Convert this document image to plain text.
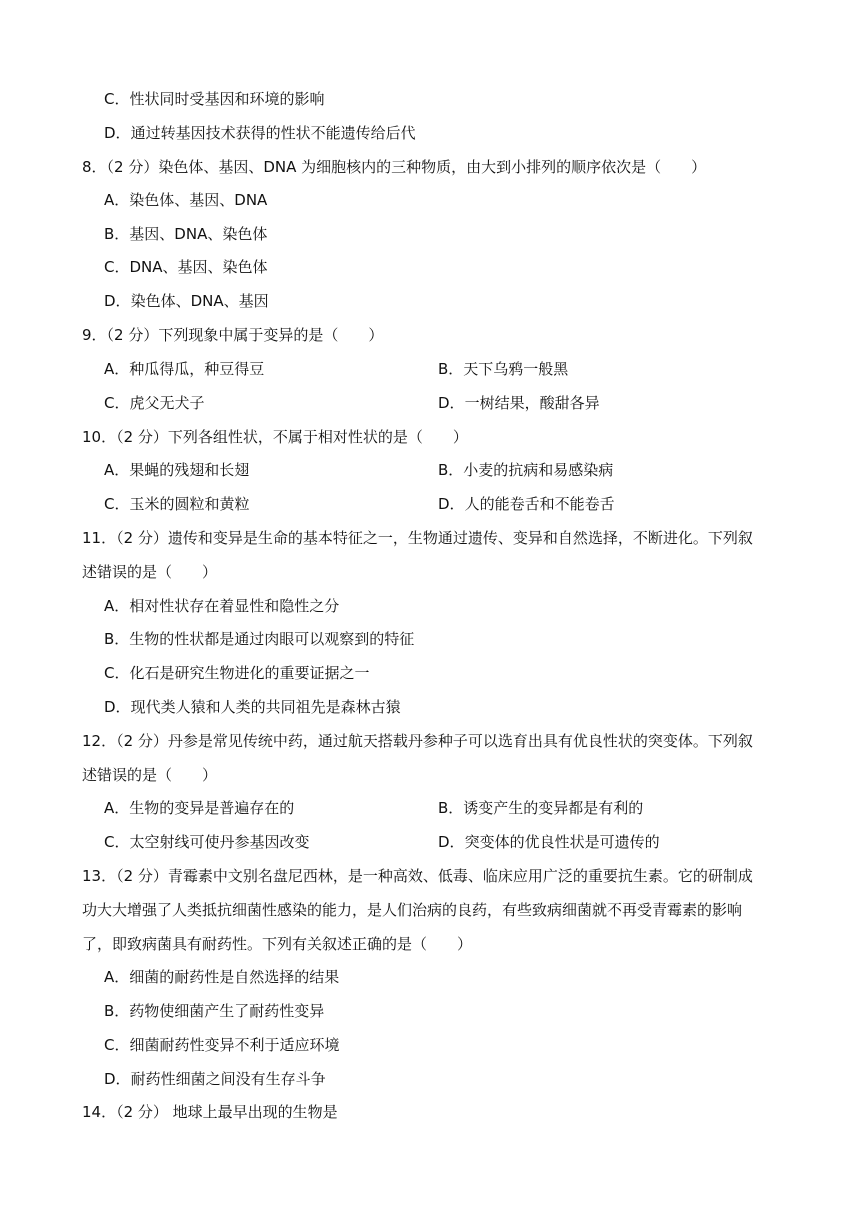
C．性状同时受基因和环境的影响
D．通过转基因技术获得的性状不能遗传给后代
8．（2 分）染色体、基因、DNA 为细胞核内的三种物质，由大到小排列的顺序依次是（　　）
A．染色体、基因、DNA
B．基因、DNA、染色体
C．DNA、基因、染色体
D．染色体、DNA、基因
9．（2 分）下列现象中属于变异的是（　　）
A．种瓜得瓜，种豆得豆	B．天下乌鸦一般黑
C．虎父无犬子	D．一树结果，酸甜各异
10．（2 分）下列各组性状，不属于相对性状的是（　　）
A．果蝇的残翅和长翅	B．小麦的抗病和易感染病
C．玉米的圆粒和黄粒	D．人的能卷舌和不能卷舌
11．（2 分）遗传和变异是生命的基本特征之一，生物通过遗传、变异和自然选择，不断进化。下列叙
述错误的是（　　）
A．相对性状存在着显性和隐性之分
B．生物的性状都是通过肉眼可以观察到的特征
C．化石是研究生物进化的重要证据之一
D．现代类人猿和人类的共同祖先是森林古猿
12．（2 分）丹参是常见传统中药，通过航天搭载丹参种子可以选育出具有优良性状的突变体。下列叙
述错误的是（　　）
A．生物的变异是普遍存在的	B．诱变产生的变异都是有利的
C．太空射线可使丹参基因改变	D．突变体的优良性状是可遗传的
13．（2 分）青霉素中文别名盘尼西林，是一种高效、低毒、临床应用广泛的重要抗生素。它的研制成
功大大增强了人类抵抗细菌性感染的能力，是人们治病的良药，有些致病细菌就不再受青霉素的影响
了，即致病菌具有耐药性。下列有关叙述正确的是（　　）
A．细菌的耐药性是自然选择的结果
B．药物使细菌产生了耐药性变异
C．细菌耐药性变异不利于适应环境
D．耐药性细菌之间没有生存斗争
14．（2 分） 地球上最早出现的生物是
